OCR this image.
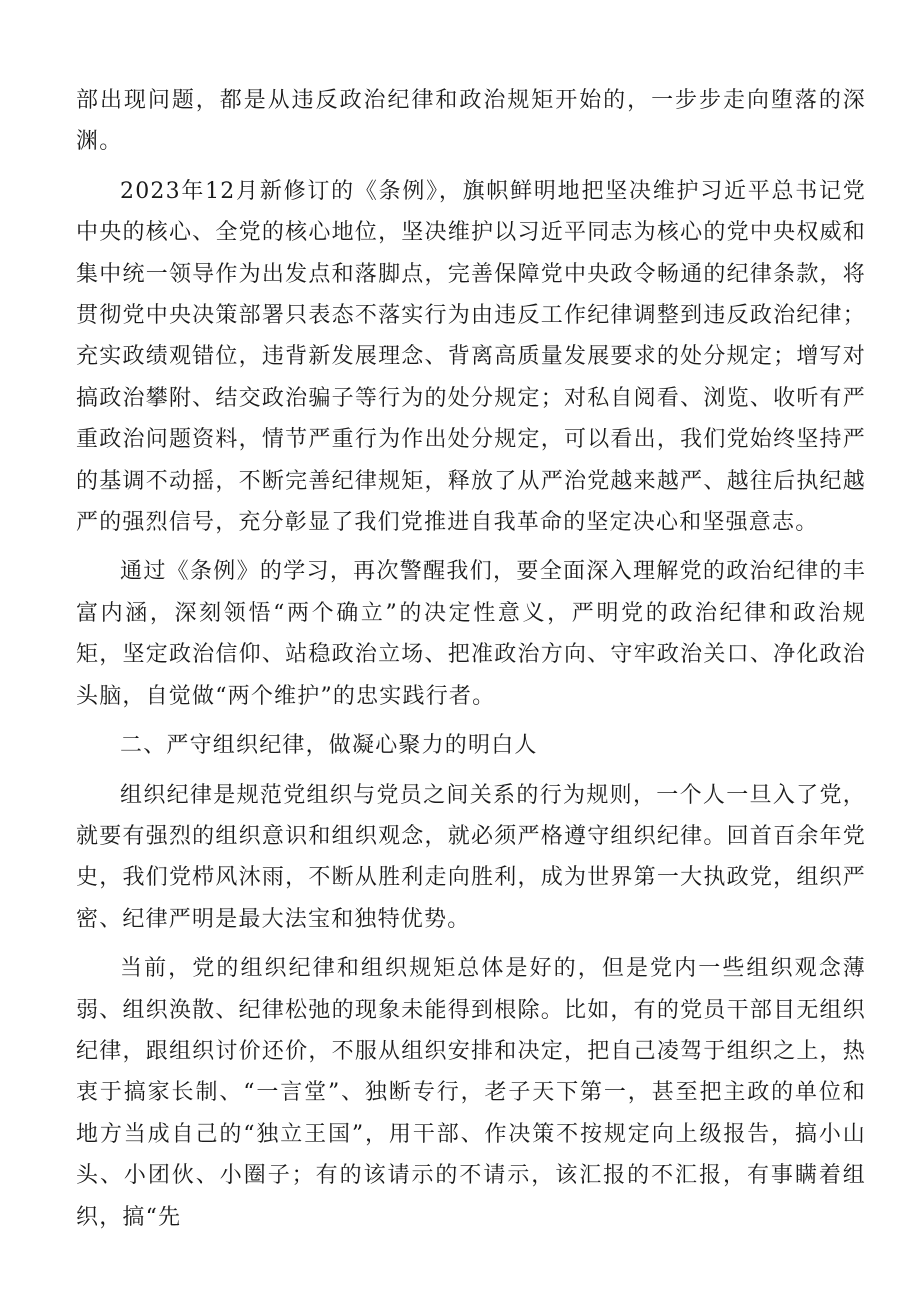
部出现问题，都是从违反政治纪律和政治规矩开始的，一步步走向堕落的深渊。

2023年12月新修订的《条例》，旗帜鲜明地把坚决维护习近平总书记党中央的核心、全党的核心地位，坚决维护以习近平同志为核心的党中央权威和集中统一领导作为出发点和落脚点，完善保障党中央政令畅通的纪律条款，将贯彻党中央决策部署只表态不落实行为由违反工作纪律调整到违反政治纪律；充实政绩观错位，违背新发展理念、背离高质量发展要求的处分规定；增写对搞政治攀附、结交政治骗子等行为的处分规定；对私自阅看、浏览、收听有严重政治问题资料，情节严重行为作出处分规定，可以看出，我们党始终坚持严的基调不动摇，不断完善纪律规矩，释放了从严治党越来越严、越往后执纪越严的强烈信号，充分彰显了我们党推进自我革命的坚定决心和坚强意志。

通过《条例》的学习，再次警醒我们，要全面深入理解党的政治纪律的丰富内涵，深刻领悟“两个确立”的决定性意义，严明党的政治纪律和政治规矩，坚定政治信仰、站稳政治立场、把准政治方向、守牢政治关口、净化政治头脑，自觉做“两个维护”的忠实践行者。

二、严守组织纪律，做凝心聚力的明白人

组织纪律是规范党组织与党员之间关系的行为规则，一个人一旦入了党，就要有强烈的组织意识和组织观念，就必须严格遵守组织纪律。回首百余年党史，我们党栉风沐雨，不断从胜利走向胜利，成为世界第一大执政党，组织严密、纪律严明是最大法宝和独特优势。

当前，党的组织纪律和组织规矩总体是好的，但是党内一些组织观念薄弱、组织涣散、纪律松弛的现象未能得到根除。比如，有的党员干部目无组织纪律，跟组织讨价还价，不服从组织安排和决定，把自己凌驾于组织之上，热衷于搞家长制、“一言堂”、独断专行，老子天下第一，甚至把主政的单位和地方当成自己的“独立王国”，用干部、作决策不按规定向上级报告，搞小山头、小团伙、小圈子；有的该请示的不请示，该汇报的不汇报，有事瞒着组织，搞“先
